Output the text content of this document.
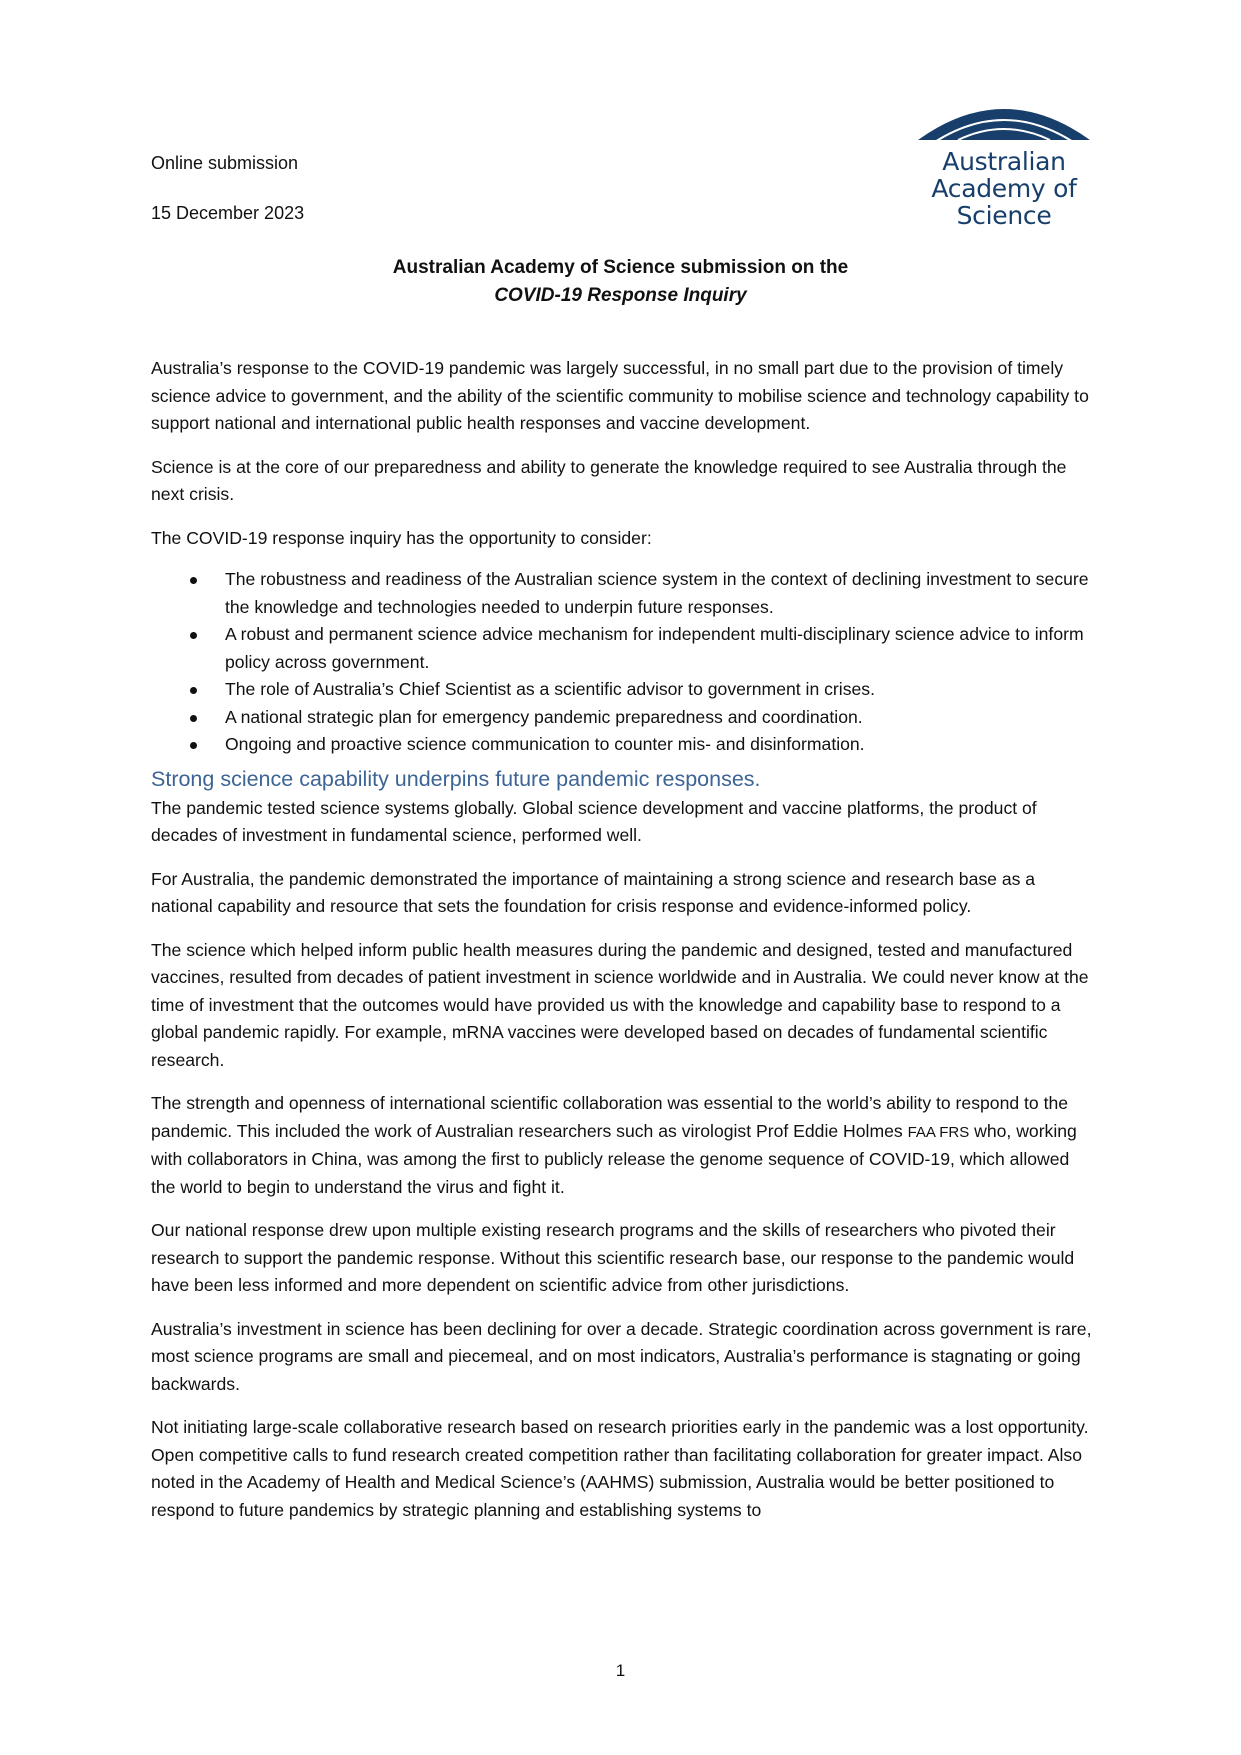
Online submission
15 December 2023
Australian
Academy of
Science
Australian Academy of Science submission on the
COVID-19 Response Inquiry

Australia’s response to the COVID-19 pandemic was largely successful, in no small part due to the provision of timely science advice to government, and the ability of the scientific community to mobilise science and technology capability to support national and international public health responses and vaccine development.

Science is at the core of our preparedness and ability to generate the knowledge required to see Australia through the next crisis.

The COVID-19 response inquiry has the opportunity to consider:

The robustness and readiness of the Australian science system in the context of declining investment to secure the knowledge and technologies needed to underpin future responses.
A robust and permanent science advice mechanism for independent multi-disciplinary science advice to inform policy across government.
The role of Australia’s Chief Scientist as a scientific advisor to government in crises.
A national strategic plan for emergency pandemic preparedness and coordination.
Ongoing and proactive science communication to counter mis- and disinformation.
Strong science capability underpins future pandemic responses.

The pandemic tested science systems globally. Global science development and vaccine platforms, the product of decades of investment in fundamental science, performed well.

For Australia, the pandemic demonstrated the importance of maintaining a strong science and research base as a national capability and resource that sets the foundation for crisis response and evidence-informed policy.

The science which helped inform public health measures during the pandemic and designed, tested and manufactured vaccines, resulted from decades of patient investment in science worldwide and in Australia. We could never know at the time of investment that the outcomes would have provided us with the knowledge and capability base to respond to a global pandemic rapidly. For example, mRNA vaccines were developed based on decades of fundamental scientific research.

The strength and openness of international scientific collaboration was essential to the world’s ability to respond to the pandemic. This included the work of Australian researchers such as virologist Prof Eddie Holmes FAA FRS who, working with collaborators in China, was among the first to publicly release the genome sequence of COVID-19, which allowed the world to begin to understand the virus and fight it.

Our national response drew upon multiple existing research programs and the skills of researchers who pivoted their research to support the pandemic response. Without this scientific research base, our response to the pandemic would have been less informed and more dependent on scientific advice from other jurisdictions.

Australia’s investment in science has been declining for over a decade. Strategic coordination across government is rare, most science programs are small and piecemeal, and on most indicators, Australia’s performance is stagnating or going backwards.

Not initiating large-scale collaborative research based on research priorities early in the pandemic was a lost opportunity. Open competitive calls to fund research created competition rather than facilitating collaboration for greater impact. Also noted in the Academy of Health and Medical Science’s (AAHMS) submission, Australia would be better positioned to respond to future pandemics by strategic planning and establishing systems to

1
